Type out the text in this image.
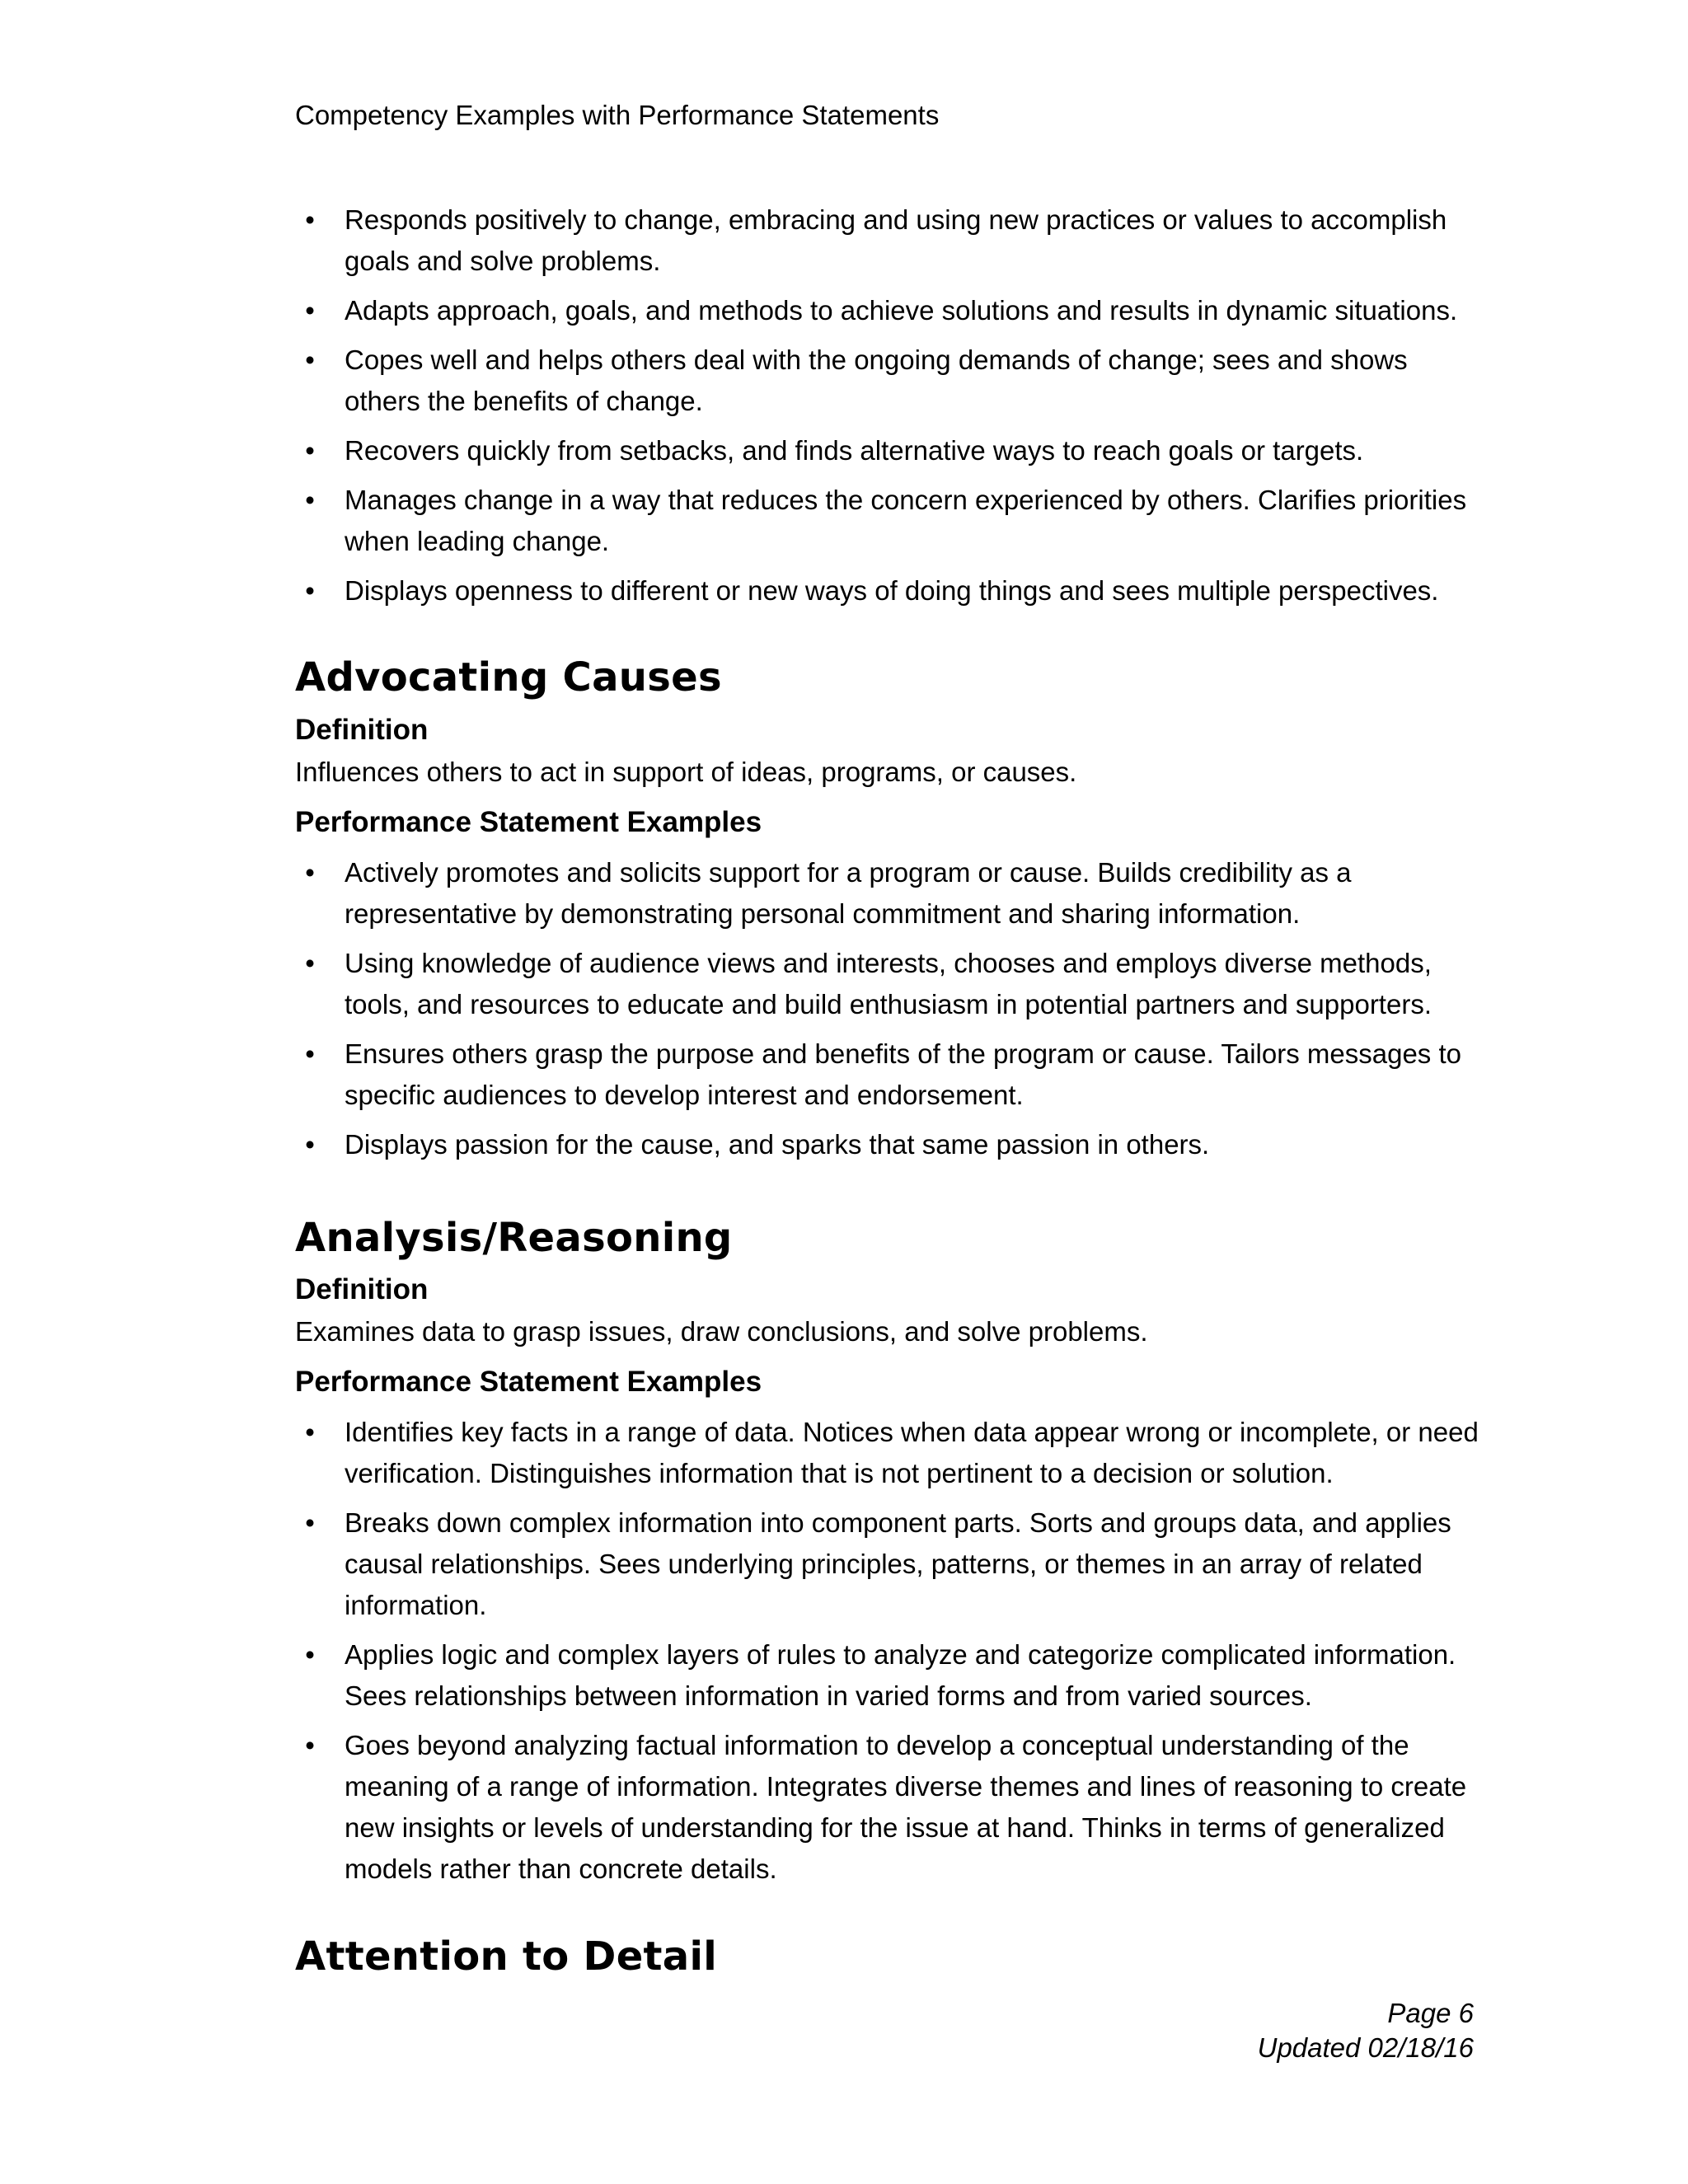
Competency Examples with Performance Statements
• Responds positively to change, embracing and using new practices or values to accomplish goals and solve problems.
• Adapts approach, goals, and methods to achieve solutions and results in dynamic situations.
• Copes well and helps others deal with the ongoing demands of change; sees and shows others the benefits of change.
• Recovers quickly from setbacks, and finds alternative ways to reach goals or targets.
• Manages change in a way that reduces the concern experienced by others. Clarifies priorities when leading change.
• Displays openness to different or new ways of doing things and sees multiple perspectives.
Advocating Causes
Definition
Influences others to act in support of ideas, programs, or causes.
Performance Statement Examples
• Actively promotes and solicits support for a program or cause. Builds credibility as a representative by demonstrating personal commitment and sharing information.
• Using knowledge of audience views and interests, chooses and employs diverse methods, tools, and resources to educate and build enthusiasm in potential partners and supporters.
• Ensures others grasp the purpose and benefits of the program or cause. Tailors messages to specific audiences to develop interest and endorsement.
• Displays passion for the cause, and sparks that same passion in others.
Analysis/Reasoning
Definition
Examines data to grasp issues, draw conclusions, and solve problems.
Performance Statement Examples
• Identifies key facts in a range of data. Notices when data appear wrong or incomplete, or need verification. Distinguishes information that is not pertinent to a decision or solution.
• Breaks down complex information into component parts. Sorts and groups data, and applies causal relationships. Sees underlying principles, patterns, or themes in an array of related information.
• Applies logic and complex layers of rules to analyze and categorize complicated information. Sees relationships between information in varied forms and from varied sources.
• Goes beyond analyzing factual information to develop a conceptual understanding of the meaning of a range of information. Integrates diverse themes and lines of reasoning to create new insights or levels of understanding for the issue at hand. Thinks in terms of generalized models rather than concrete details.
Attention to Detail
Page 6
Updated 02/18/16
